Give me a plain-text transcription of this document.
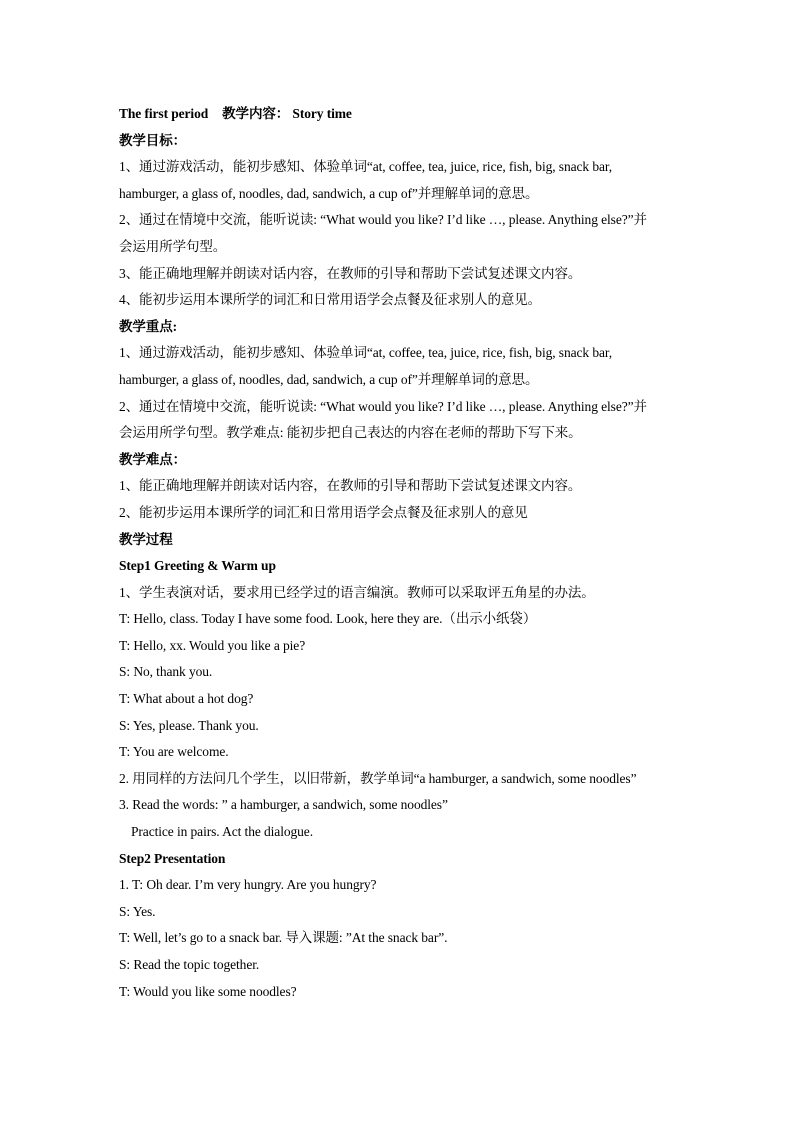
The first period 教学内容： Story time
教学目标：
1、通过游戏活动，能初步感知、体验单词“at, coffee, tea, juice, rice, fish, big, snack bar,
hamburger, a glass of, noodles, dad, sandwich, a cup of”并理解单词的意思。
2、通过在情境中交流，能听说读: “What would you like? I’d like …, please. Anything else?”并
会运用所学句型。
3、能正确地理解并朗读对话内容，在教师的引导和帮助下尝试复述课文内容。
4、能初步运用本课所学的词汇和日常用语学会点餐及征求别人的意见。
教学重点:
1、通过游戏活动，能初步感知、体验单词“at, coffee, tea, juice, rice, fish, big, snack bar,
hamburger, a glass of, noodles, dad, sandwich, a cup of”并理解单词的意思。
2、通过在情境中交流，能听说读: “What would you like? I’d like …, please. Anything else?”并
会运用所学句型。教学难点: 能初步把自己表达的内容在老师的帮助下写下来。
教学难点：
1、能正确地理解并朗读对话内容，在教师的引导和帮助下尝试复述课文内容。
2、能初步运用本课所学的词汇和日常用语学会点餐及征求别人的意见
教学过程
Step1 Greeting & Warm up
1、学生表演对话，要求用已经学过的语言编演。教师可以采取评五角星的办法。
T: Hello, class. Today I have some food. Look, here they are.（出示小纸袋）
T: Hello, xx. Would you like a pie?
S: No, thank you.
T: What about a hot dog?
S: Yes, please. Thank you.
T: You are welcome.
2. 用同样的方法问几个学生，以旧带新，教学单词“a hamburger, a sandwich, some noodles”
3. Read the words: ” a hamburger, a sandwich, some noodles”
Practice in pairs. Act the dialogue.
Step2 Presentation
1. T: Oh dear. I’m very hungry. Are you hungry?
S: Yes.
T: Well, let’s go to a snack bar. 导入课题: ”At the snack bar”.
S: Read the topic together.
T: Would you like some noodles?
